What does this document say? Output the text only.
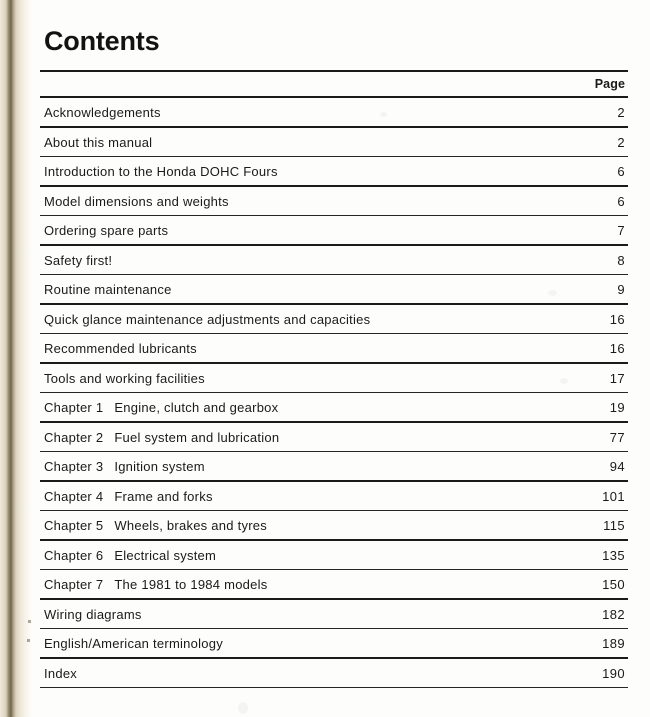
Contents
Page
Acknowledgements	2
About this manual	2
Introduction to the Honda DOHC Fours	6
Model dimensions and weights	6
Ordering spare parts	7
Safety first!	8
Routine maintenance	9
Quick glance maintenance adjustments and capacities	16
Recommended lubricants	16
Tools and working facilities	17
Chapter 1 Engine, clutch and gearbox	19
Chapter 2 Fuel system and lubrication	77
Chapter 3 Ignition system	94
Chapter 4 Frame and forks	101
Chapter 5 Wheels, brakes and tyres	115
Chapter 6 Electrical system	135
Chapter 7 The 1981 to 1984 models	150
Wiring diagrams	182
English/American terminology	189
Index	190
